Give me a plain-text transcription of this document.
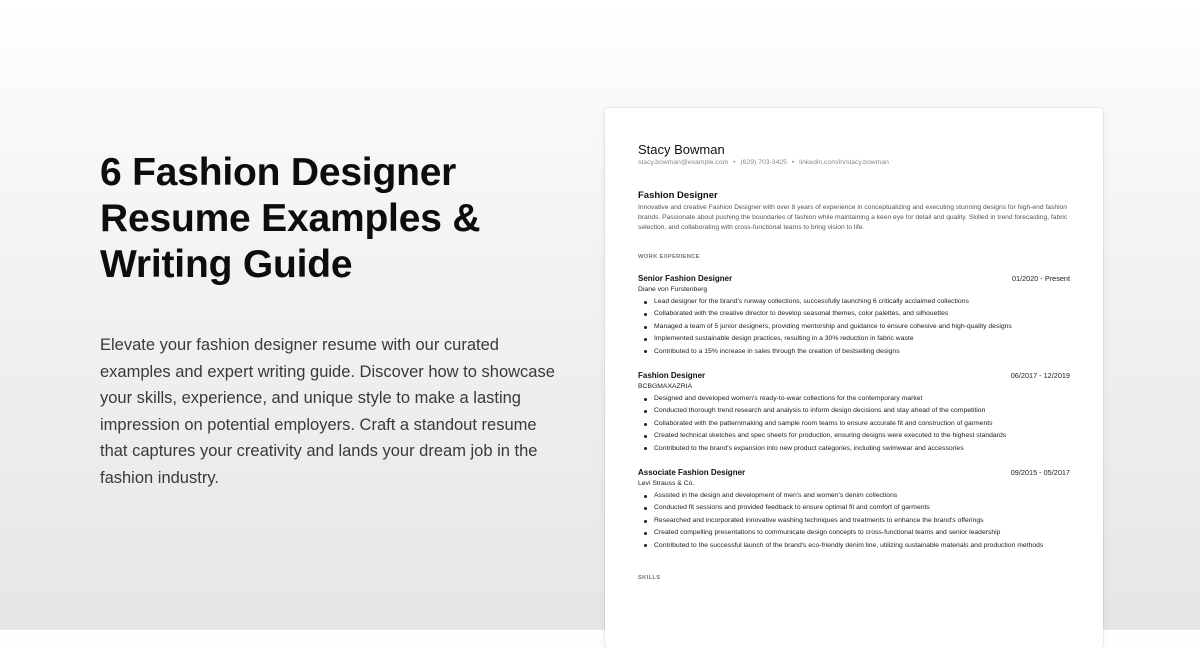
6 Fashion Designer
Resume Examples &
Writing Guide

Elevate your fashion designer resume with our curated examples and expert writing guide. Discover how to showcase your skills, experience, and unique style to make a lasting impression on potential employers. Craft a standout resume that captures your creativity and lands your dream job in the fashion industry.

Stacy Bowman
stacy.bowman@example.com • (629) 703-3425 • linkedin.com/in/stacy.bowman
Fashion Designer
Innovative and creative Fashion Designer with over 8 years of experience in conceptualizing and executing stunning designs for high-end fashion brands. Passionate about pushing the boundaries of fashion while maintaining a keen eye for detail and quality. Skilled in trend forecasting, fabric selection, and collaborating with cross-functional teams to bring vision to life.
WORK EXPERIENCE
Senior Fashion Designer	01/2020 - Present
Diane von Furstenberg
Lead designer for the brand's runway collections, successfully launching 6 critically acclaimed collections
Collaborated with the creative director to develop seasonal themes, color palettes, and silhouettes
Managed a team of 5 junior designers, providing mentorship and guidance to ensure cohesive and high-quality designs
Implemented sustainable design practices, resulting in a 30% reduction in fabric waste
Contributed to a 15% increase in sales through the creation of bestselling designs
Fashion Designer	06/2017 - 12/2019
BCBGMAXAZRIA
Designed and developed women's ready-to-wear collections for the contemporary market
Conducted thorough trend research and analysis to inform design decisions and stay ahead of the competition
Collaborated with the patternmaking and sample room teams to ensure accurate fit and construction of garments
Created technical sketches and spec sheets for production, ensuring designs were executed to the highest standards
Contributed to the brand's expansion into new product categories, including swimwear and accessories
Associate Fashion Designer	09/2015 - 05/2017
Levi Strauss & Co.
Assisted in the design and development of men's and women's denim collections
Conducted fit sessions and provided feedback to ensure optimal fit and comfort of garments
Researched and incorporated innovative washing techniques and treatments to enhance the brand's offerings
Created compelling presentations to communicate design concepts to cross-functional teams and senior leadership
Contributed to the successful launch of the brand's eco-friendly denim line, utilizing sustainable materials and production methods
SKILLS
